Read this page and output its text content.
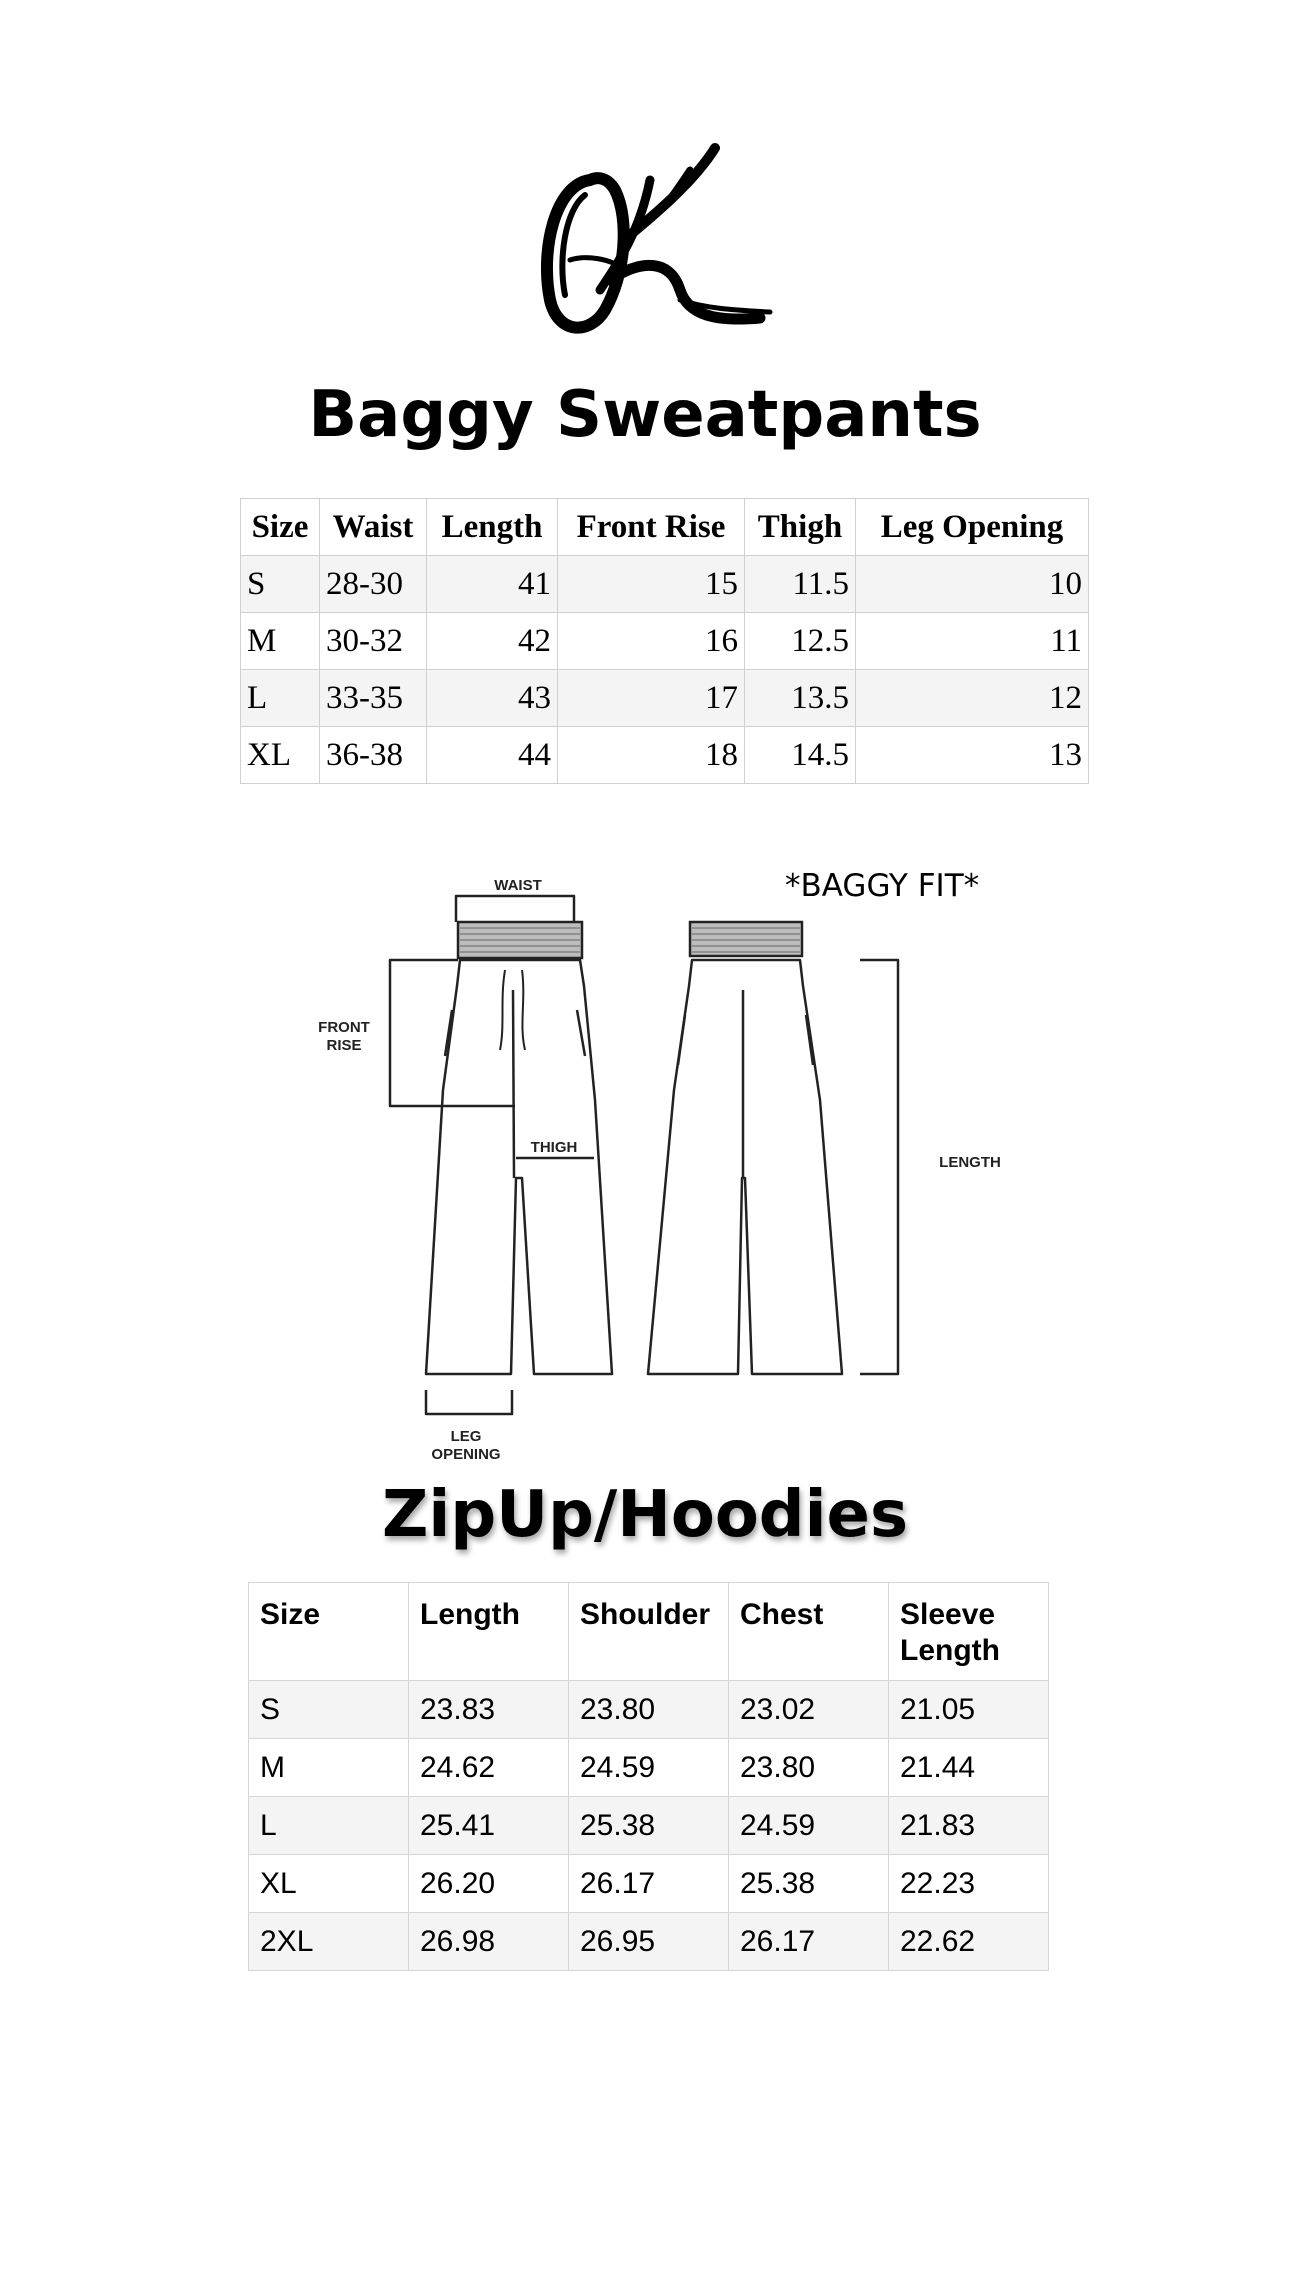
Baggy Sweatpants
Size	Waist	Length	Front Rise	Thigh	Leg Opening
S	28-30	41	15	11.5	10
M	30-32	42	16	12.5	11
L	33-35	43	17	13.5	12
XL	36-38	44	18	14.5	13
*BAGGY FIT*
WAIST
FRONT
RISE
THIGH
LENGTH
LEG
OPENING
ZipUp/Hoodies
Size	Length	Shoulder	Chest	Sleeve Length
S	23.83	23.80	23.02	21.05
M	24.62	24.59	23.80	21.44
L	25.41	25.38	24.59	21.83
XL	26.20	26.17	25.38	22.23
2XL	26.98	26.95	26.17	22.62
